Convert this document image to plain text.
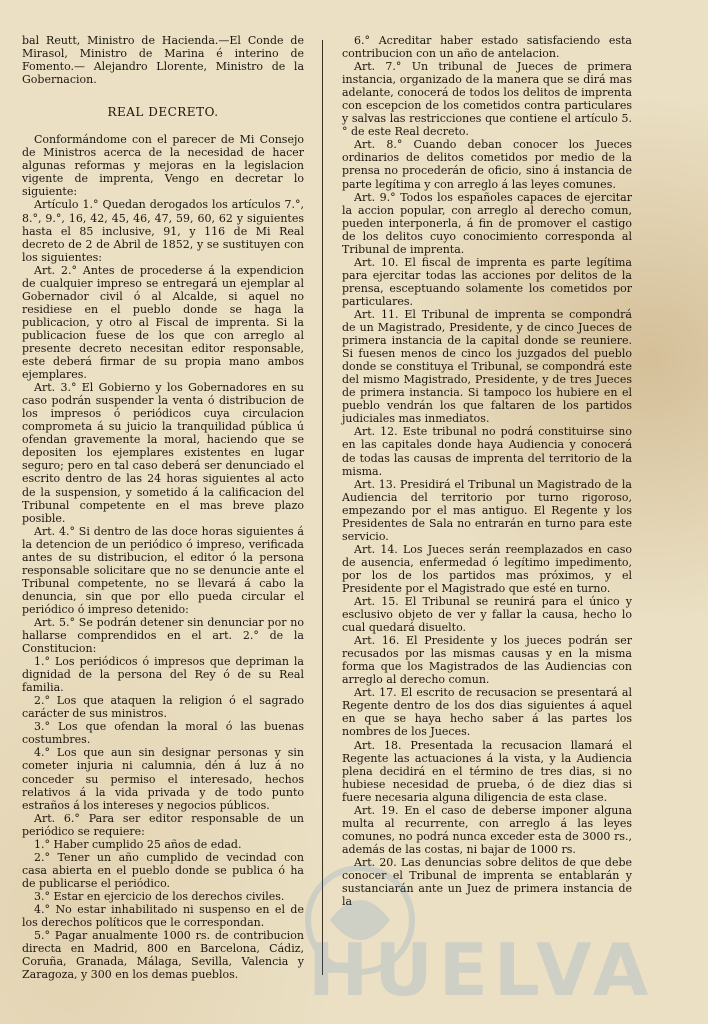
bal Reutt, Ministro de Hacienda.—El Conde de Mirasol, Ministro de Marina é interino de Fomento.— Alejandro Llorente, Ministro de la Gobernacion.

REAL DECRETO.

Conformándome con el parecer de Mi Consejo de Ministros acerca de la necesidad de hacer algunas reformas y mejoras en la legislacion vigente de imprenta, Vengo en decretar lo siguiente:

Artículo 1.° Quedan derogados los artículos 7.°, 8.°, 9.°, 16, 42, 45, 46, 47, 59, 60, 62 y siguientes hasta el 85 inclusive, 91, y 116 de Mi Real decreto de 2 de Abril de 1852, y se sustituyen con los siguientes:

Art. 2.° Antes de procederse á la expendicion de cualquier impreso se entregará un ejemplar al Gobernador civil ó al Alcalde, si aquel no residiese en el pueblo donde se haga la publicacion, y otro al Fiscal de imprenta. Si la publicacion fuese de los que con arreglo al presente decreto necesitan editor responsable, este deberá firmar de su propia mano ambos ejemplares.

Art. 3.° El Gobierno y los Gobernadores en su caso podrán suspender la venta ó distribucion de los impresos ó periódicos cuya circulacion comprometa á su juicio la tranquilidad pública ú ofendan gravemente la moral, haciendo que se depositen los ejemplares existentes en lugar seguro; pero en tal caso deberá ser denunciado el escrito dentro de las 24 horas siguientes al acto de la suspension, y sometido á la calificacion del Tribunal competente en el mas breve plazo posible.

Art. 4.° Si dentro de las doce horas siguientes á la detencion de un periódico ó impreso, verificada antes de su distribucion, el editor ó la persona responsable solicitare que no se denuncie ante el Tribunal competente, no se llevará á cabo la denuncia, sin que por ello pueda circular el periódico ó impreso detenido:

Art. 5.° Se podrán detener sin denunciar por no hallarse comprendidos en el art. 2.° de la Constitucion:

1.° Los periódicos ó impresos que depriman la dignidad de la persona del Rey ó de su Real familia.

2.° Los que ataquen la religion ó el sagrado carácter de sus ministros.

3.° Los que ofendan la moral ó las buenas costumbres.

4.° Los que aun sin designar personas y sin cometer injuria ni calumnia, dén á luz á no conceder su permiso el interesado, hechos relativos á la vida privada y de todo punto estraños á los intereses y negocios públicos.

Art. 6.° Para ser editor responsable de un periódico se requiere:

1.° Haber cumplido 25 años de edad.

2.° Tener un año cumplido de vecindad con casa abierta en el pueblo donde se publica ó ha de publicarse el periódico.

3.° Estar en ejercicio de los derechos civiles.

4.° No estar inhabilitado ni suspenso en el de los derechos políticos que le correspondan.

5.° Pagar anualmente 1000 rs. de contribucion directa en Madrid, 800 en Barcelona, Cádiz, Coruña, Granada, Málaga, Sevilla, Valencia y Zaragoza, y 300 en los demas pueblos.

6.° Acreditar haber estado satisfaciendo esta contribucion con un año de antelacion.

Art. 7.° Un tribunal de Jueces de primera instancia, organizado de la manera que se dirá mas adelante, conocerá de todos los delitos de imprenta con escepcion de los cometidos contra particulares y salvas las restricciones que contiene el artículo 5.° de este Real decreto.

Art. 8.° Cuando deban conocer los Jueces ordinarios de delitos cometidos por medio de la prensa no procederán de oficio, sino á instancia de parte legítima y con arreglo á las leyes comunes.

Art. 9.° Todos los españoles capaces de ejercitar la accion popular, con arreglo al derecho comun, pueden interponerla, á fin de promover el castigo de los delitos cuyo conocimiento corresponda al Tribunal de imprenta.

Art. 10. El fiscal de imprenta es parte legítima para ejercitar todas las acciones por delitos de la prensa, esceptuando solamente los cometidos por particulares.

Art. 11. El Tribunal de imprenta se compondrá de un Magistrado, Presidente, y de cinco Jueces de primera instancia de la capital donde se reuniere. Si fuesen menos de cinco los juzgados del pueblo donde se constituya el Tribunal, se compondrá este del mismo Magistrado, Presidente, y de tres Jueces de primera instancia. Si tampoco los hubiere en el pueblo vendrán los que faltaren de los partidos judiciales mas inmediatos.

Art. 12. Este tribunal no podrá constituirse sino en las capitales donde haya Audiencia y conocerá de todas las causas de imprenta del territorio de la misma.

Art. 13. Presidirá el Tribunal un Magistrado de la Audiencia del territorio por turno rigoroso, empezando por el mas antiguo. El Regente y los Presidentes de Sala no entrarán en turno para este servicio.

Art. 14. Los Jueces serán reemplazados en caso de ausencia, enfermedad ó legítimo impedimento, por los de los partidos mas próximos, y el Presidente por el Magistrado que esté en turno.

Art. 15. El Tribunal se reunirá para el único y esclusivo objeto de ver y fallar la causa, hecho lo cual quedará disuelto.

Art. 16. El Presidente y los jueces podrán ser recusados por las mismas causas y en la misma forma que los Magistrados de las Audiencias con arreglo al derecho comun.

Art. 17. El escrito de recusacion se presentará al Regente dentro de los dos dias siguientes á aquel en que se haya hecho saber á las partes los nombres de los Jueces.

Art. 18. Presentada la recusacion llamará el Regente las actuaciones á la vista, y la Audiencia plena decidirá en el término de tres dias, si no hubiese necesidad de prueba, ó de diez dias si fuere necesaria alguna diligencia de esta clase.

Art. 19. En el caso de deberse imponer alguna multa al recurrente, con arreglo á las leyes comunes, no podrá nunca exceder esta de 3000 rs., además de las costas, ni bajar de 1000 rs.

Art. 20. Las denuncias sobre delitos de que debe conocer el Tribunal de imprenta se entablarán y sustanciarán ante un Juez de primera instancia de la

HUELVA
